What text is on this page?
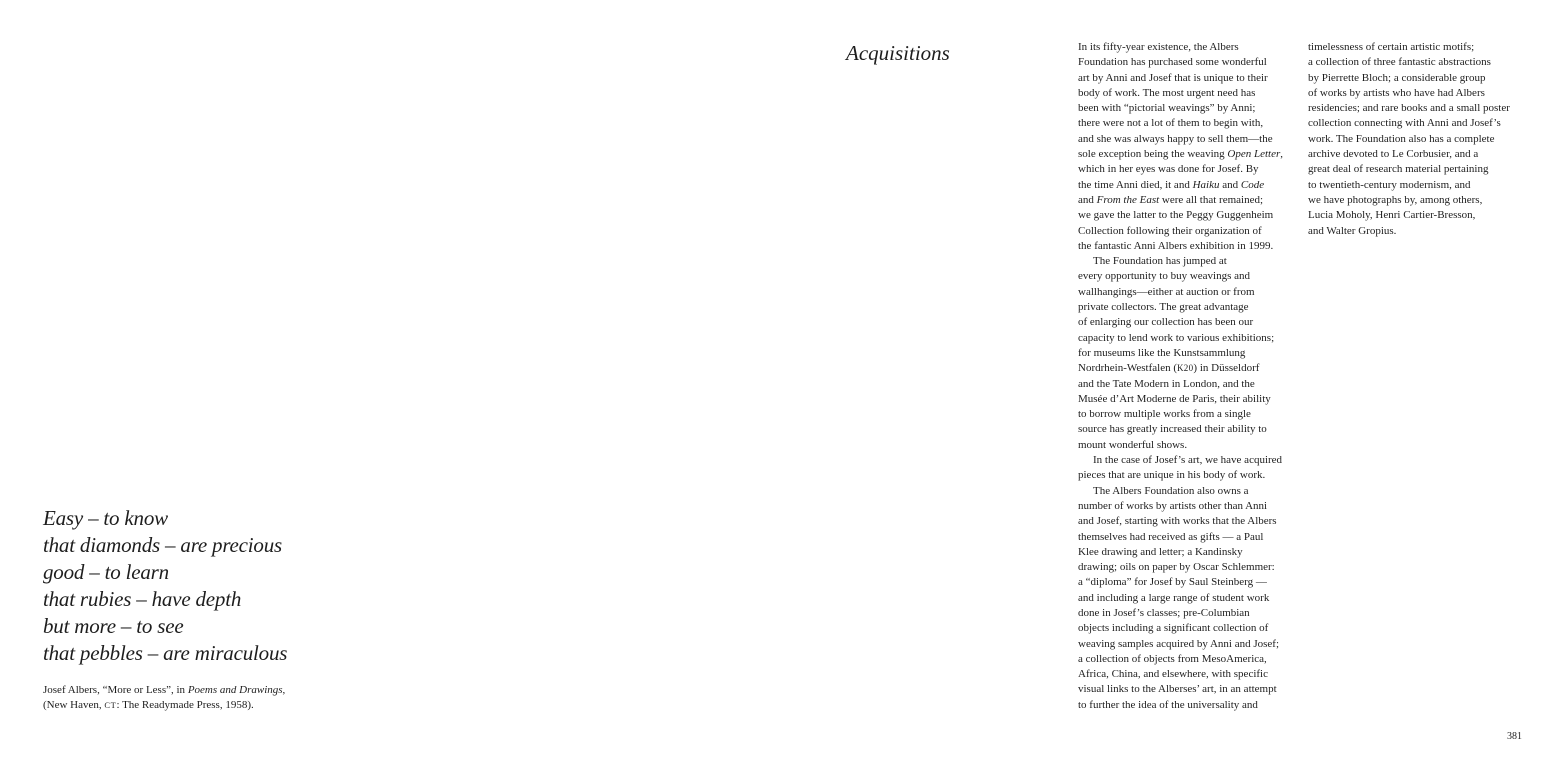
Easy – to know
that diamonds – are precious
good – to learn
that rubies – have depth
but more – to see
that pebbles – are miraculous
Josef Albers, “More or Less”, in Poems and Drawings,
(New Haven, CT: The Readymade Press, 1958).
Acquisitions	In its fifty-year existence, the Albers
Foundation has purchased some wonderful
art by Anni and Josef that is unique to their
body of work. The most urgent need has
been with “pictorial weavings” by Anni;
there were not a lot of them to begin with,
and she was always happy to sell them—the
sole exception being the weaving Open Letter,
which in her eyes was done for Josef. By
the time Anni died, it and Haiku and Code
and From the East were all that remained;
we gave the latter to the Peggy Guggenheim
Collection following their organization of
the fantastic Anni Albers exhibition in 1999.
The Foundation has jumped at
every opportunity to buy weavings and
wallhangings—either at auction or from
private collectors. The great advantage
of enlarging our collection has been our
capacity to lend work to various exhibitions;
for museums like the Kunstsammlung
Nordrhein-Westfalen (K20) in Düsseldorf
and the Tate Modern in London, and the
Musée d’Art Moderne de Paris, their ability
to borrow multiple works from a single
source has greatly increased their ability to
mount wonderful shows.
In the case of Josef’s art, we have acquired
pieces that are unique in his body of work.
The Albers Foundation also owns a
number of works by artists other than Anni
and Josef, starting with works that the Albers
themselves had received as gifts — a Paul
Klee drawing and letter; a Kandinsky
drawing; oils on paper by Oscar Schlemmer:
a “diploma” for Josef by Saul Steinberg —
and including a large range of student work
done in Josef’s classes; pre-Columbian
objects including a significant collection of
weaving samples acquired by Anni and Josef;
a collection of objects from MesoAmerica,
Africa, China, and elsewhere, with specific
visual links to the Alberses’ art, in an attempt
to further the idea of the universality and
timelessness of certain artistic motifs;
a collection of three fantastic abstractions
by Pierrette Bloch; a considerable group
of works by artists who have had Albers
residencies; and rare books and a small poster
collection connecting with Anni and Josef’s
work. The Foundation also has a complete
archive devoted to Le Corbusier, and a
great deal of research material pertaining
to twentieth-century modernism, and
we have photographs by, among others,
Lucia Moholy, Henri Cartier-Bresson,
and Walter Gropius.
381
